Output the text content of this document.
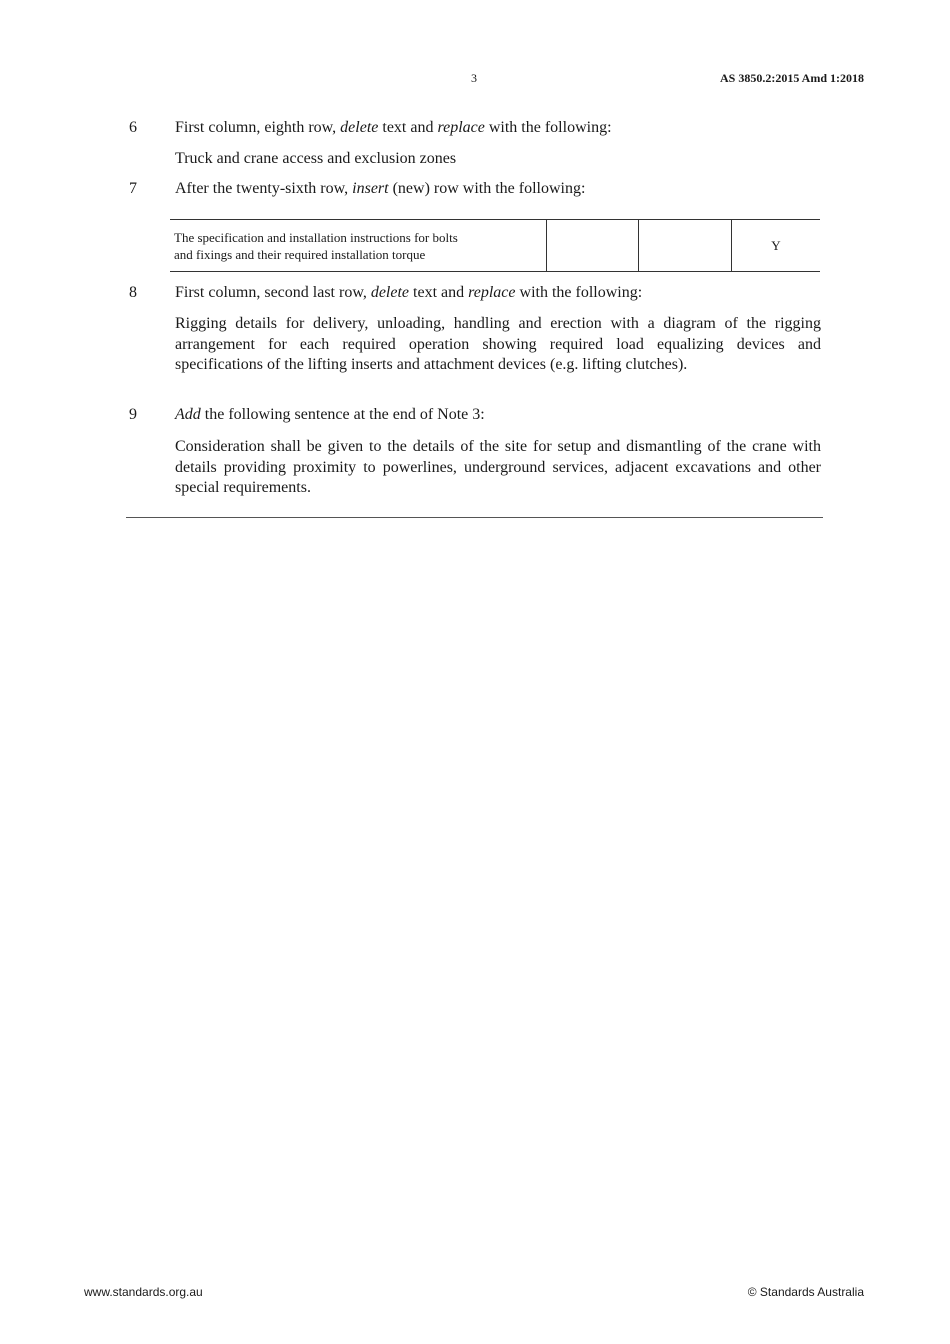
3	AS 3850.2:2015 Amd 1:2018
6 First column, eighth row, delete text and replace with the following:
Truck and crane access and exclusion zones
7 After the twenty-sixth row, insert (new) row with the following:
The specification and installation instructions for bolts
and fixings and their required installation torque			Y
8 First column, second last row, delete text and replace with the following:
Rigging details for delivery, unloading, handling and erection with a diagram of the rigging arrangement for each required operation showing required load equalizing devices and specifications of the lifting inserts and attachment devices (e.g. lifting clutches).
9 Add the following sentence at the end of Note 3:
Consideration shall be given to the details of the site for setup and dismantling of the crane with details providing proximity to powerlines, underground services, adjacent excavations and other special requirements.
www.standards.org.au	© Standards Australia
